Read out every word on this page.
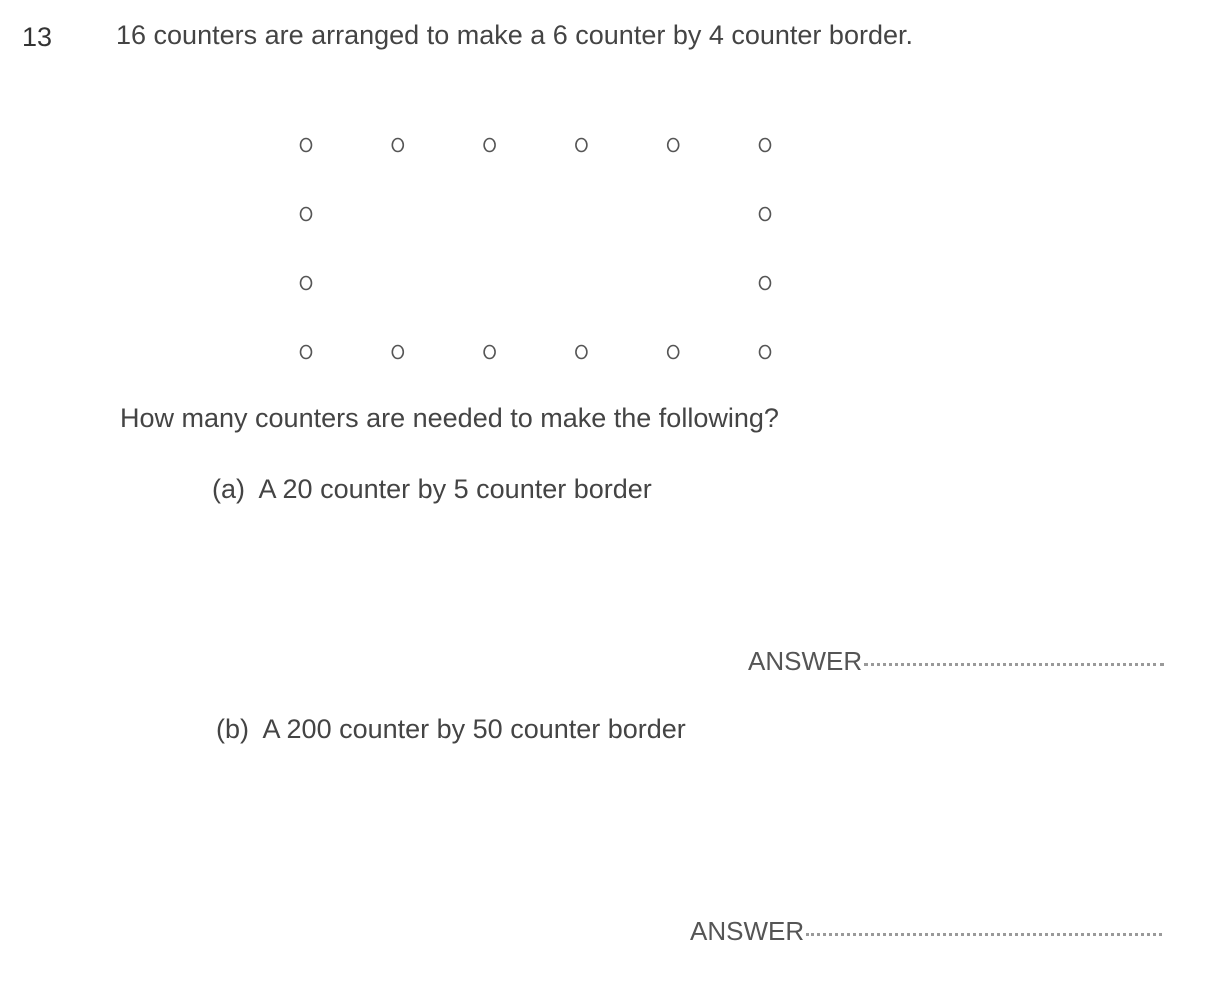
13 16 counters are arranged to make a 6 counter by 4 counter border.
How many counters are needed to make the following?
(a) A 20 counter by 5 counter border
ANSWER
(b) A 200 counter by 50 counter border
ANSWER
